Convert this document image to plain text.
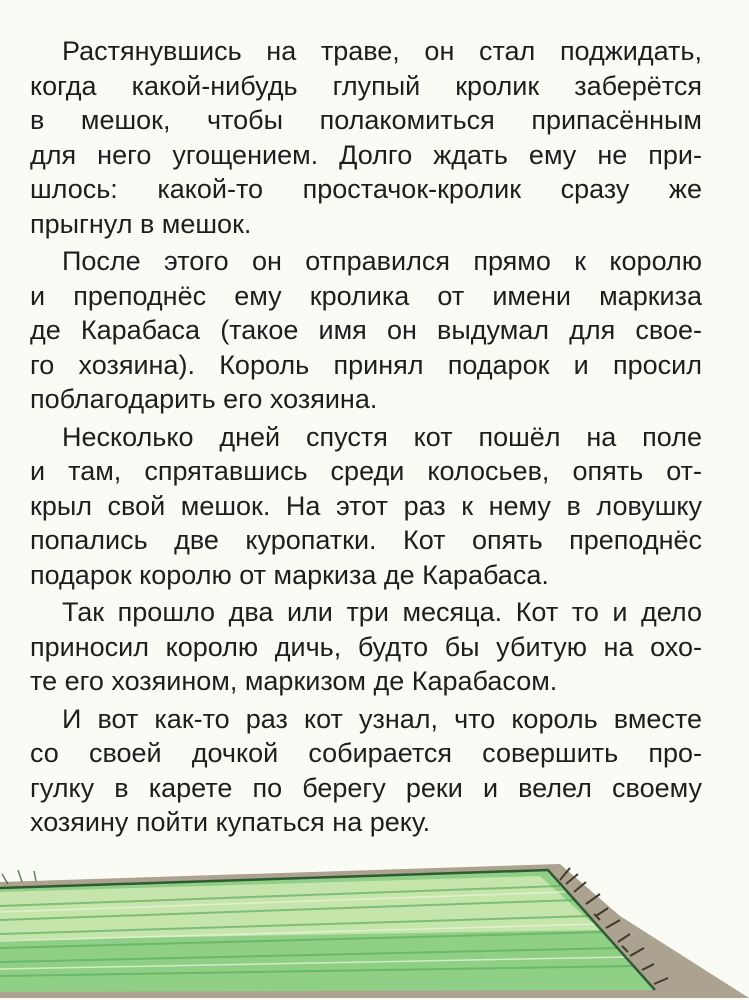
Растянувшись на траве, он стал поджидать,
когда какой-нибудь глупый кролик заберётся
в мешок, чтобы полакомиться припасённым
для него угощением. Долго ждать ему не при-
шлось: какой-то простачок-кролик сразу же
прыгнул в мешок.
После этого он отправился прямо к королю
и преподнёс ему кролика от имени маркиза
де Карабаса (такое имя он выдумал для свое-
го хозяина). Король принял подарок и просил
поблагодарить его хозяина.
Несколько дней спустя кот пошёл на поле
и там, спрятавшись среди колосьев, опять от-
крыл свой мешок. На этот раз к нему в ловушку
попались две куропатки. Кот опять преподнёс
подарок королю от маркиза де Карабаса.
Так прошло два или три месяца. Кот то и дело
приносил королю дичь, будто бы убитую на охо-
те его хозяином, маркизом де Карабасом.
И вот как-то раз кот узнал, что король вместе
со своей дочкой собирается совершить про-
гулку в карете по берегу реки и велел своему
хозяину пойти купаться на реку.
